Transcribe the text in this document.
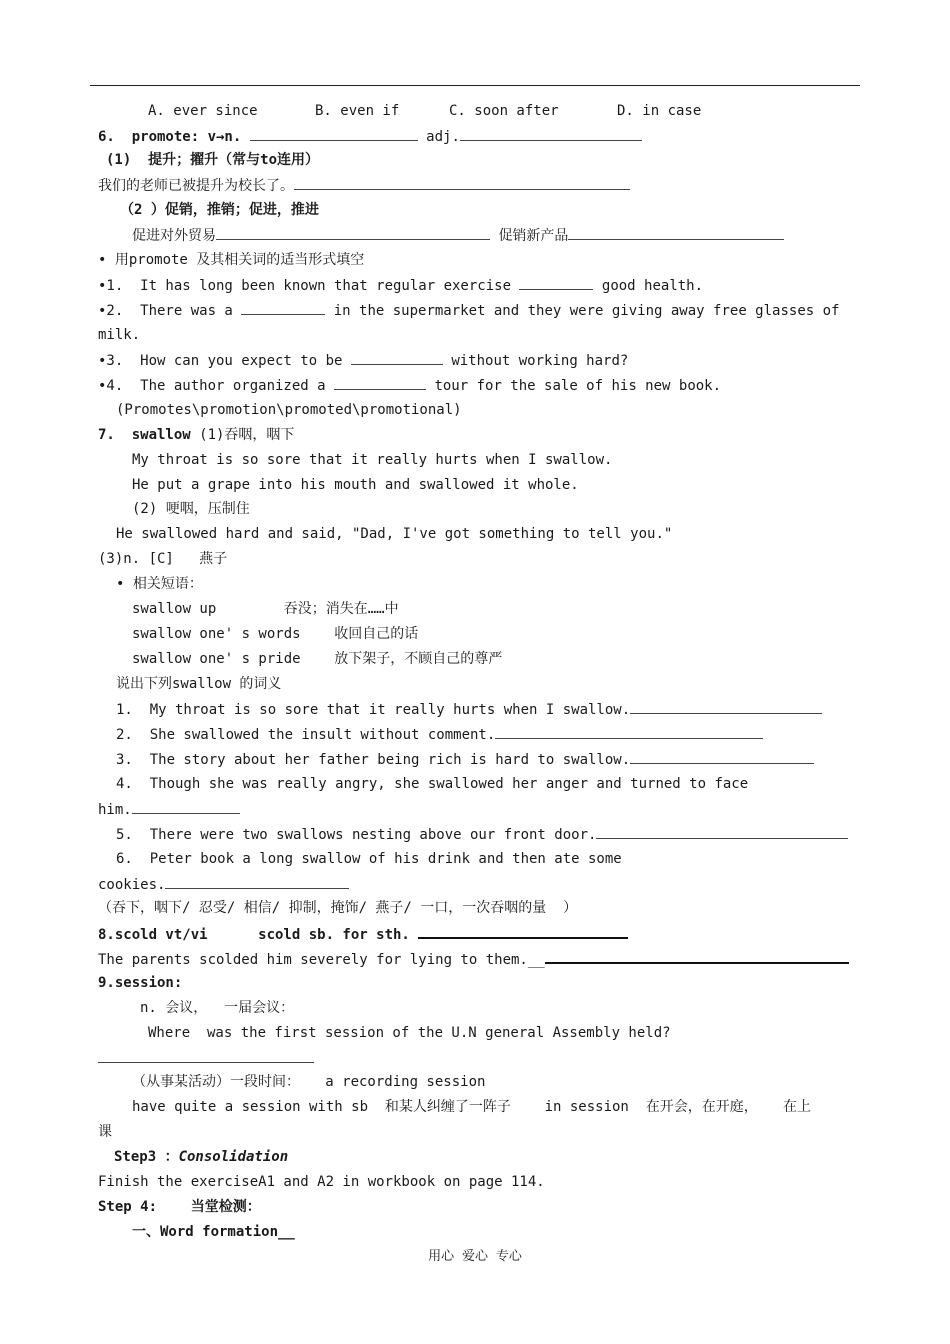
A. ever since	B. even if	C. soon after	D. in case
6.  promote: v→n.	adj.
(1)  提升；擢升（常与to连用）
我们的老师已被提升为校长了。
（2 ）促销，推销；促进，推进
促进对外贸易	促销新产品
• 用promote 及其相关词的适当形式填空
•1.  It has long been known that regular exercise	good health.
•2.  There was a	in the supermarket and they were giving away free glasses of
milk.
•3.  How can you expect to be	without working hard?
•4.  The author organized a	tour for the sale of his new book.
(Promotes\promotion\promoted\promotional)
7.  swallow (1)吞咽，咽下
My throat is so sore that it really hurts when I swallow.
He put a grape into his mouth and swallowed it whole.
(2) 哽咽，压制住
He swallowed hard and said, "Dad, I've got something to tell you."
(3)n. [C]   燕子
• 相关短语：
swallow up        吞没；消失在……中
swallow one' s words    收回自己的话
swallow one' s pride    放下架子，不顾自己的尊严
说出下列swallow 的词义
1.  My throat is so sore that it really hurts when I swallow.
2.  She swallowed the insult without comment.
3.  The story about her father being rich is hard to swallow.
4.  Though she was really angry, she swallowed her anger and turned to face
him.
5.  There were two swallows nesting above our front door.
6.  Peter book a long swallow of his drink and then ate some
cookies.
（吞下，咽下/ 忍受/ 相信/ 抑制，掩饰/ 燕子/ 一口，一次吞咽的量  ）
8.scold vt/vi      scold sb. for sth.
The parents scolded him severely for lying to them.__
9.session:
n. 会议，  一届会议：
Where  was the first session of the U.N general Assembly held?
（从事某活动）一段时间：   a recording session
have quite a session with sb  和某人纠缠了一阵子    in session  在开会，在开庭，   在上
课
Step3 ：Consolidation
Finish the exerciseA1 and A2 in workbook on page 114.
Step 4:    当堂检测：
一、Word formation__
用心 爱心 专心
